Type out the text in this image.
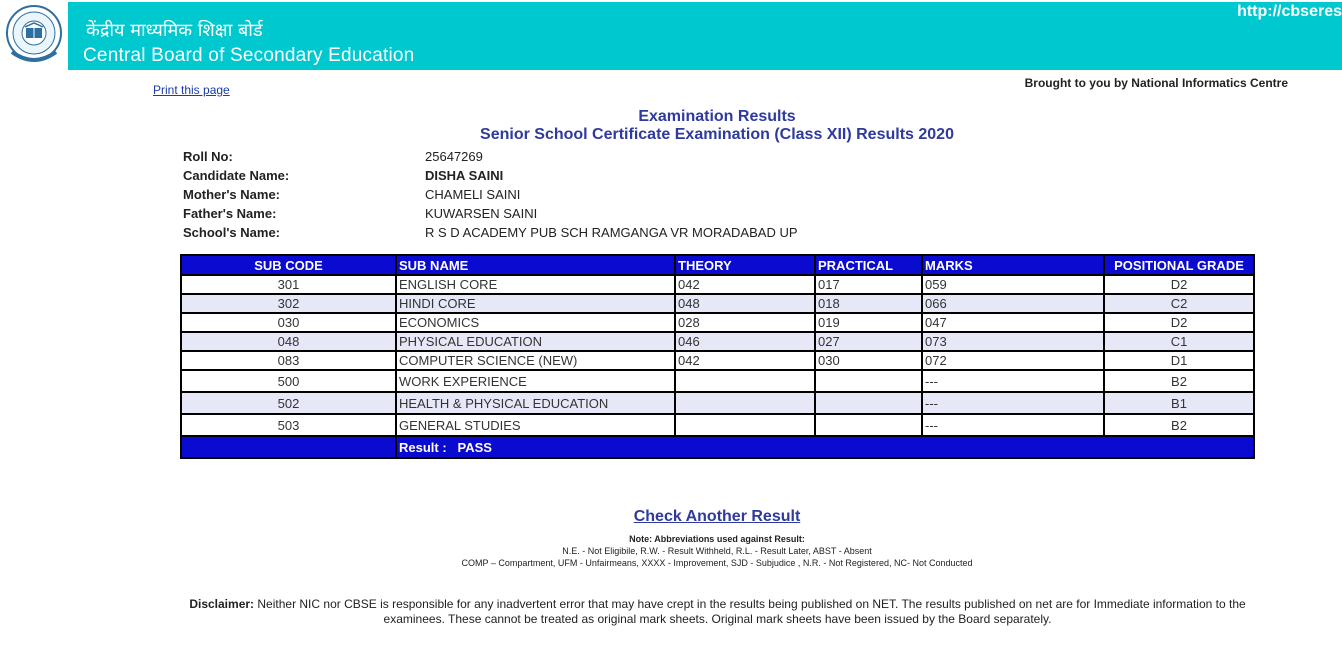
केंद्रीय माध्यमिक शिक्षा बोर्ड
Central Board of Secondary Education
http://cbseres
Print this page	Brought to you by National Informatics Centre
Examination Results
Senior School Certificate Examination (Class XII) Results 2020
Roll No:	25647269
Candidate Name:	DISHA SAINI
Mother's Name:	CHAMELI SAINI
Father's Name:	KUWARSEN SAINI
School's Name:	R S D ACADEMY PUB SCH RAMGANGA VR MORADABAD UP
SUB CODE	SUB NAME	THEORY	PRACTICAL	MARKS	POSITIONAL GRADE
301	ENGLISH CORE	042	017	059	D2
302	HINDI CORE	048	018	066	C2
030	ECONOMICS	028	019	047	D2
048	PHYSICAL EDUCATION	046	027	073	C1
083	COMPUTER SCIENCE (NEW)	042	030	072	D1
500	WORK EXPERIENCE			---	B2
502	HEALTH & PHYSICAL EDUCATION			---	B1
503	GENERAL STUDIES			---	B2
	Result : PASS				
Check Another Result
Note: Abbreviations used against Result:
N.E. - Not Eligibile, R.W. - Result Withheld, R.L. - Result Later, ABST - Absent
COMP – Compartment, UFM - Unfairmeans, XXXX - Improvement, SJD - Subjudice , N.R. - Not Registered, NC- Not Conducted
Disclaimer: Neither NIC nor CBSE is responsible for any inadvertent error that may have crept in the results being published on NET. The results published on net are for Immediate information to the examinees. These cannot be treated as original mark sheets. Original mark sheets have been issued by the Board separately.
